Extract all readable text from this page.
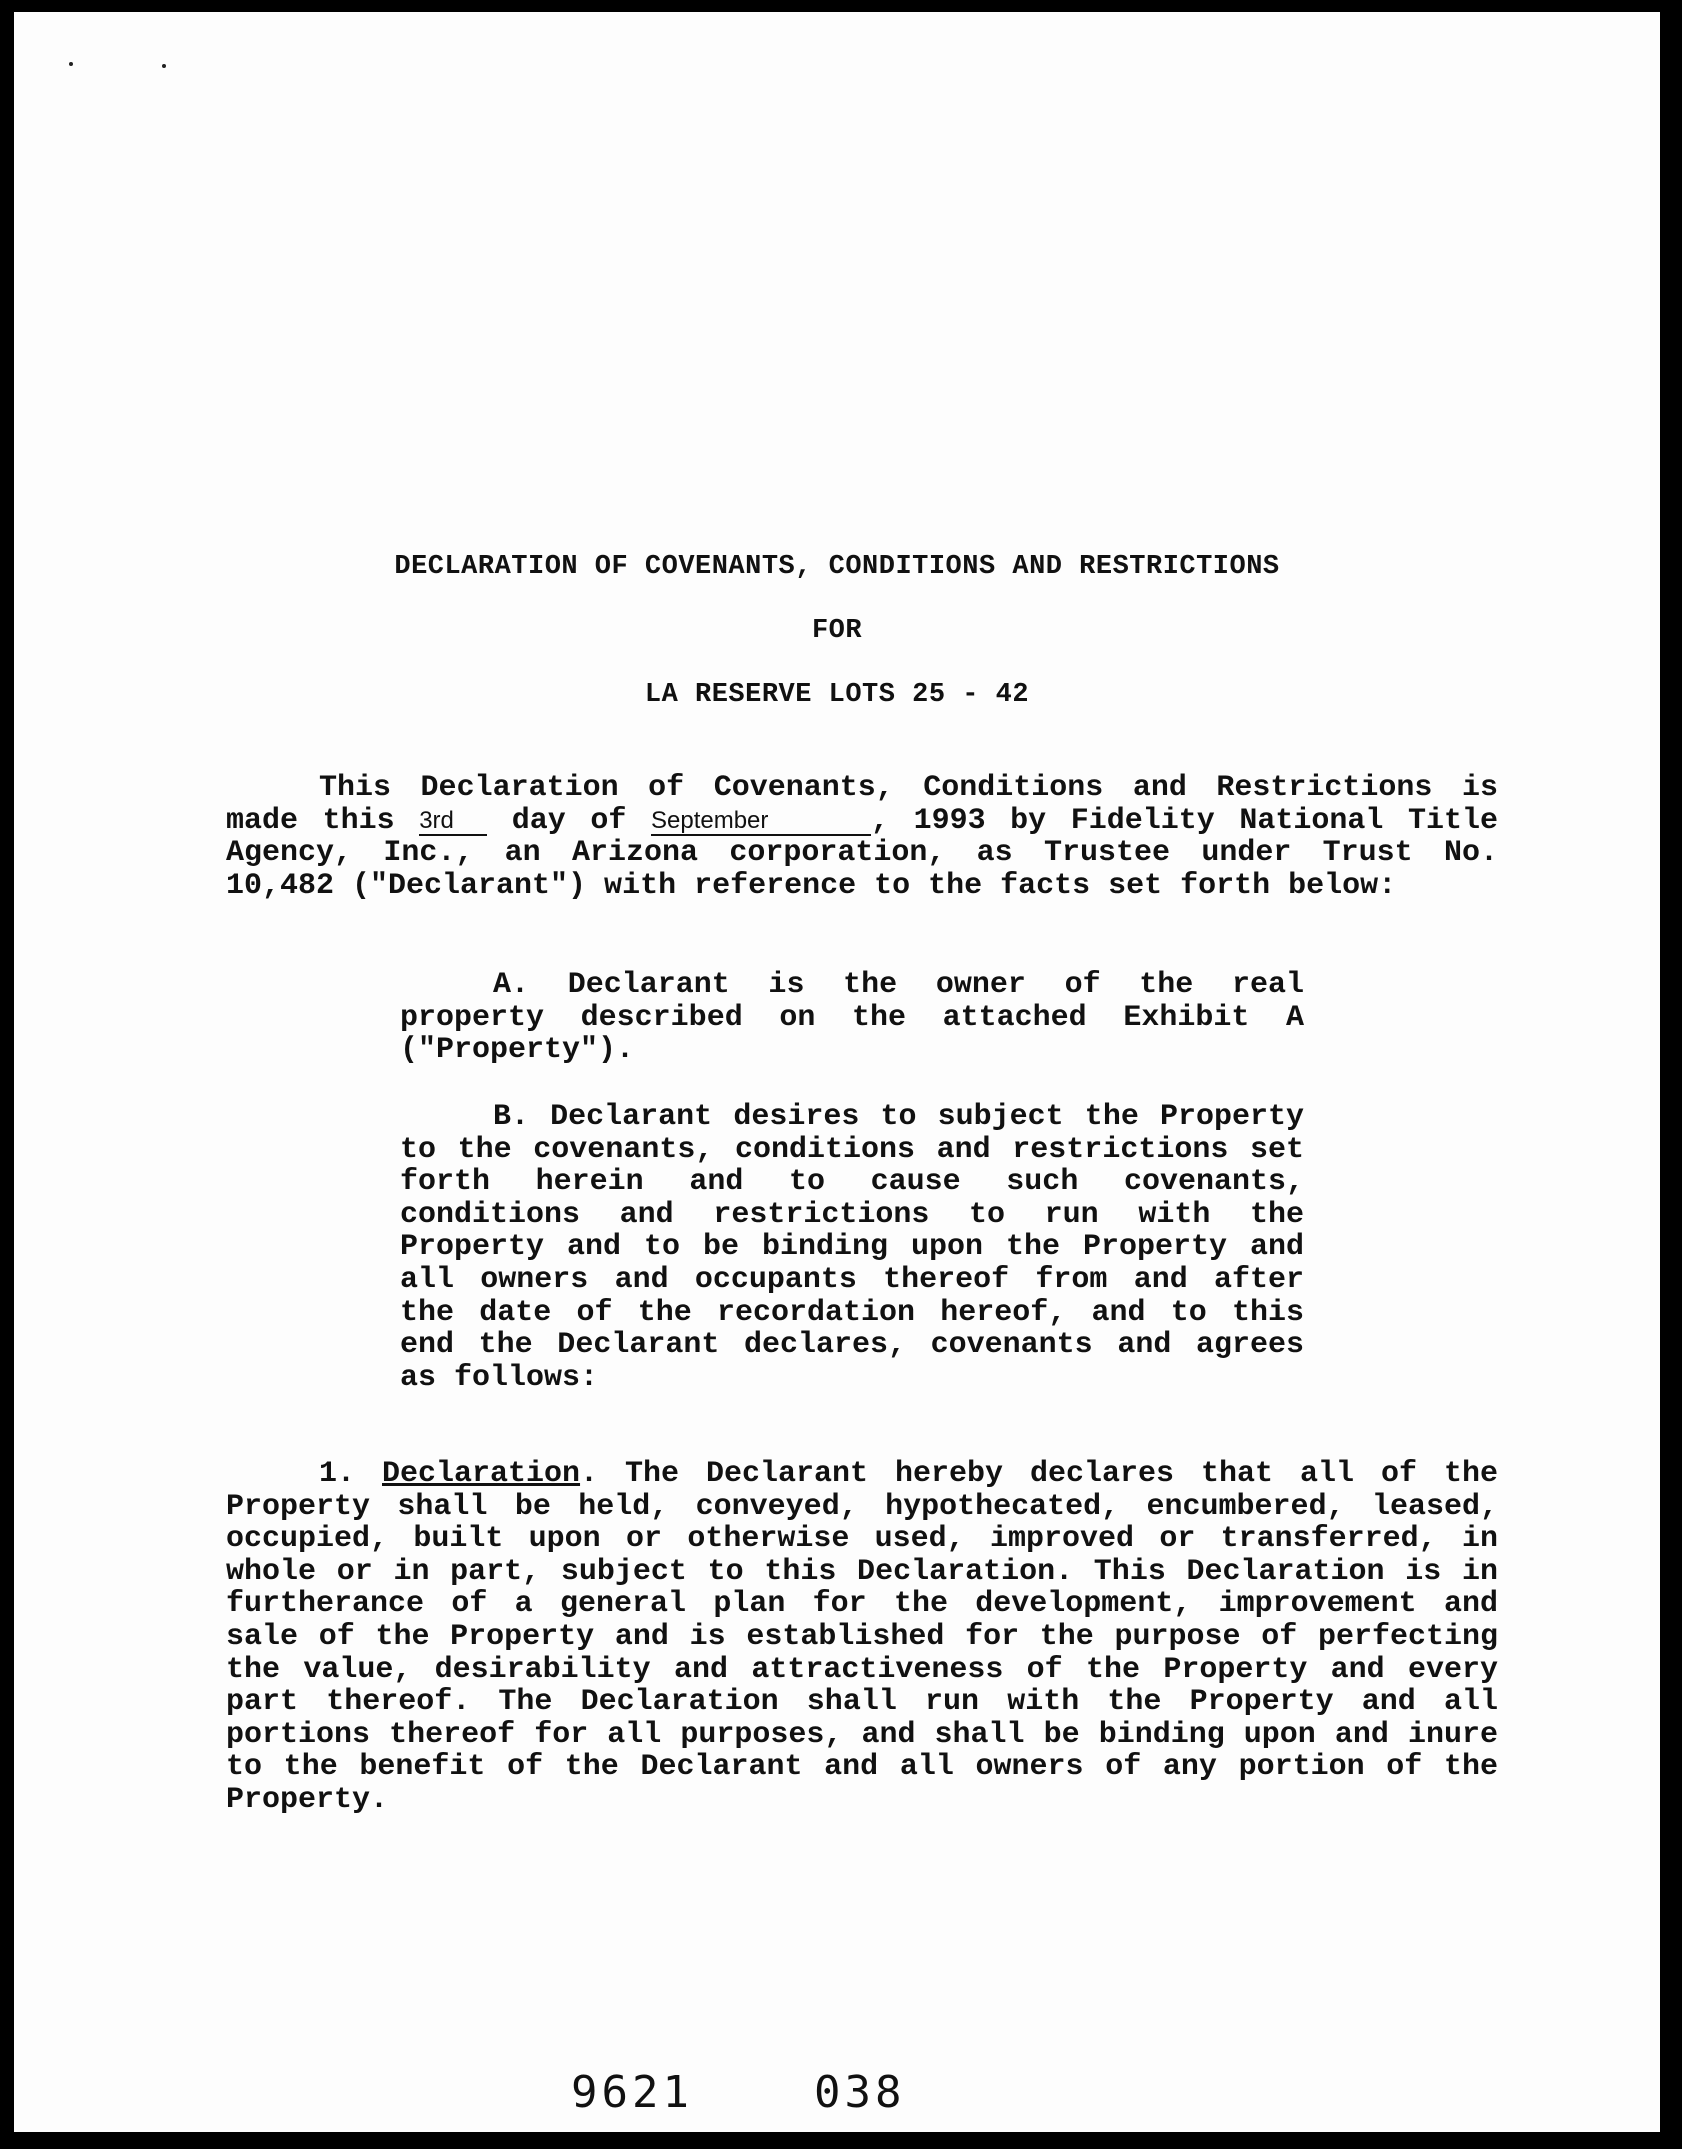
DECLARATION OF COVENANTS, CONDITIONS AND RESTRICTIONS
FOR
LA RESERVE LOTS 25 - 42

This Declaration of Covenants, Conditions and Restrictions is made this 3rd day of September	, 1993 by Fidelity National Title Agency, Inc., an Arizona corporation, as Trustee under Trust No. 10,482 ("Declarant") with reference to the facts set forth below:

A. Declarant is the owner of the real property described on the attached Exhibit A ("Property").

B. Declarant desires to subject the Property to the covenants, conditions and restrictions set forth herein and to cause such covenants, conditions and restrictions to run with the Property and to be binding upon the Property and all owners and occupants thereof from and after the date of the recordation hereof, and to this end the Declarant declares, covenants and agrees as follows:

1. Declaration. The Declarant hereby declares that all of the Property shall be held, conveyed, hypothecated, encumbered, leased, occupied, built upon or otherwise used, improved or transferred, in whole or in part, subject to this Declaration. This Declaration is in furtherance of a general plan for the development, improvement and sale of the Property and is established for the purpose of perfecting the value, desirability and attractiveness of the Property and every part thereof. The Declaration shall run with the Property and all portions thereof for all purposes, and shall be binding upon and inure to the benefit of the Declarant and all owners of any portion of the Property.

9621	038
